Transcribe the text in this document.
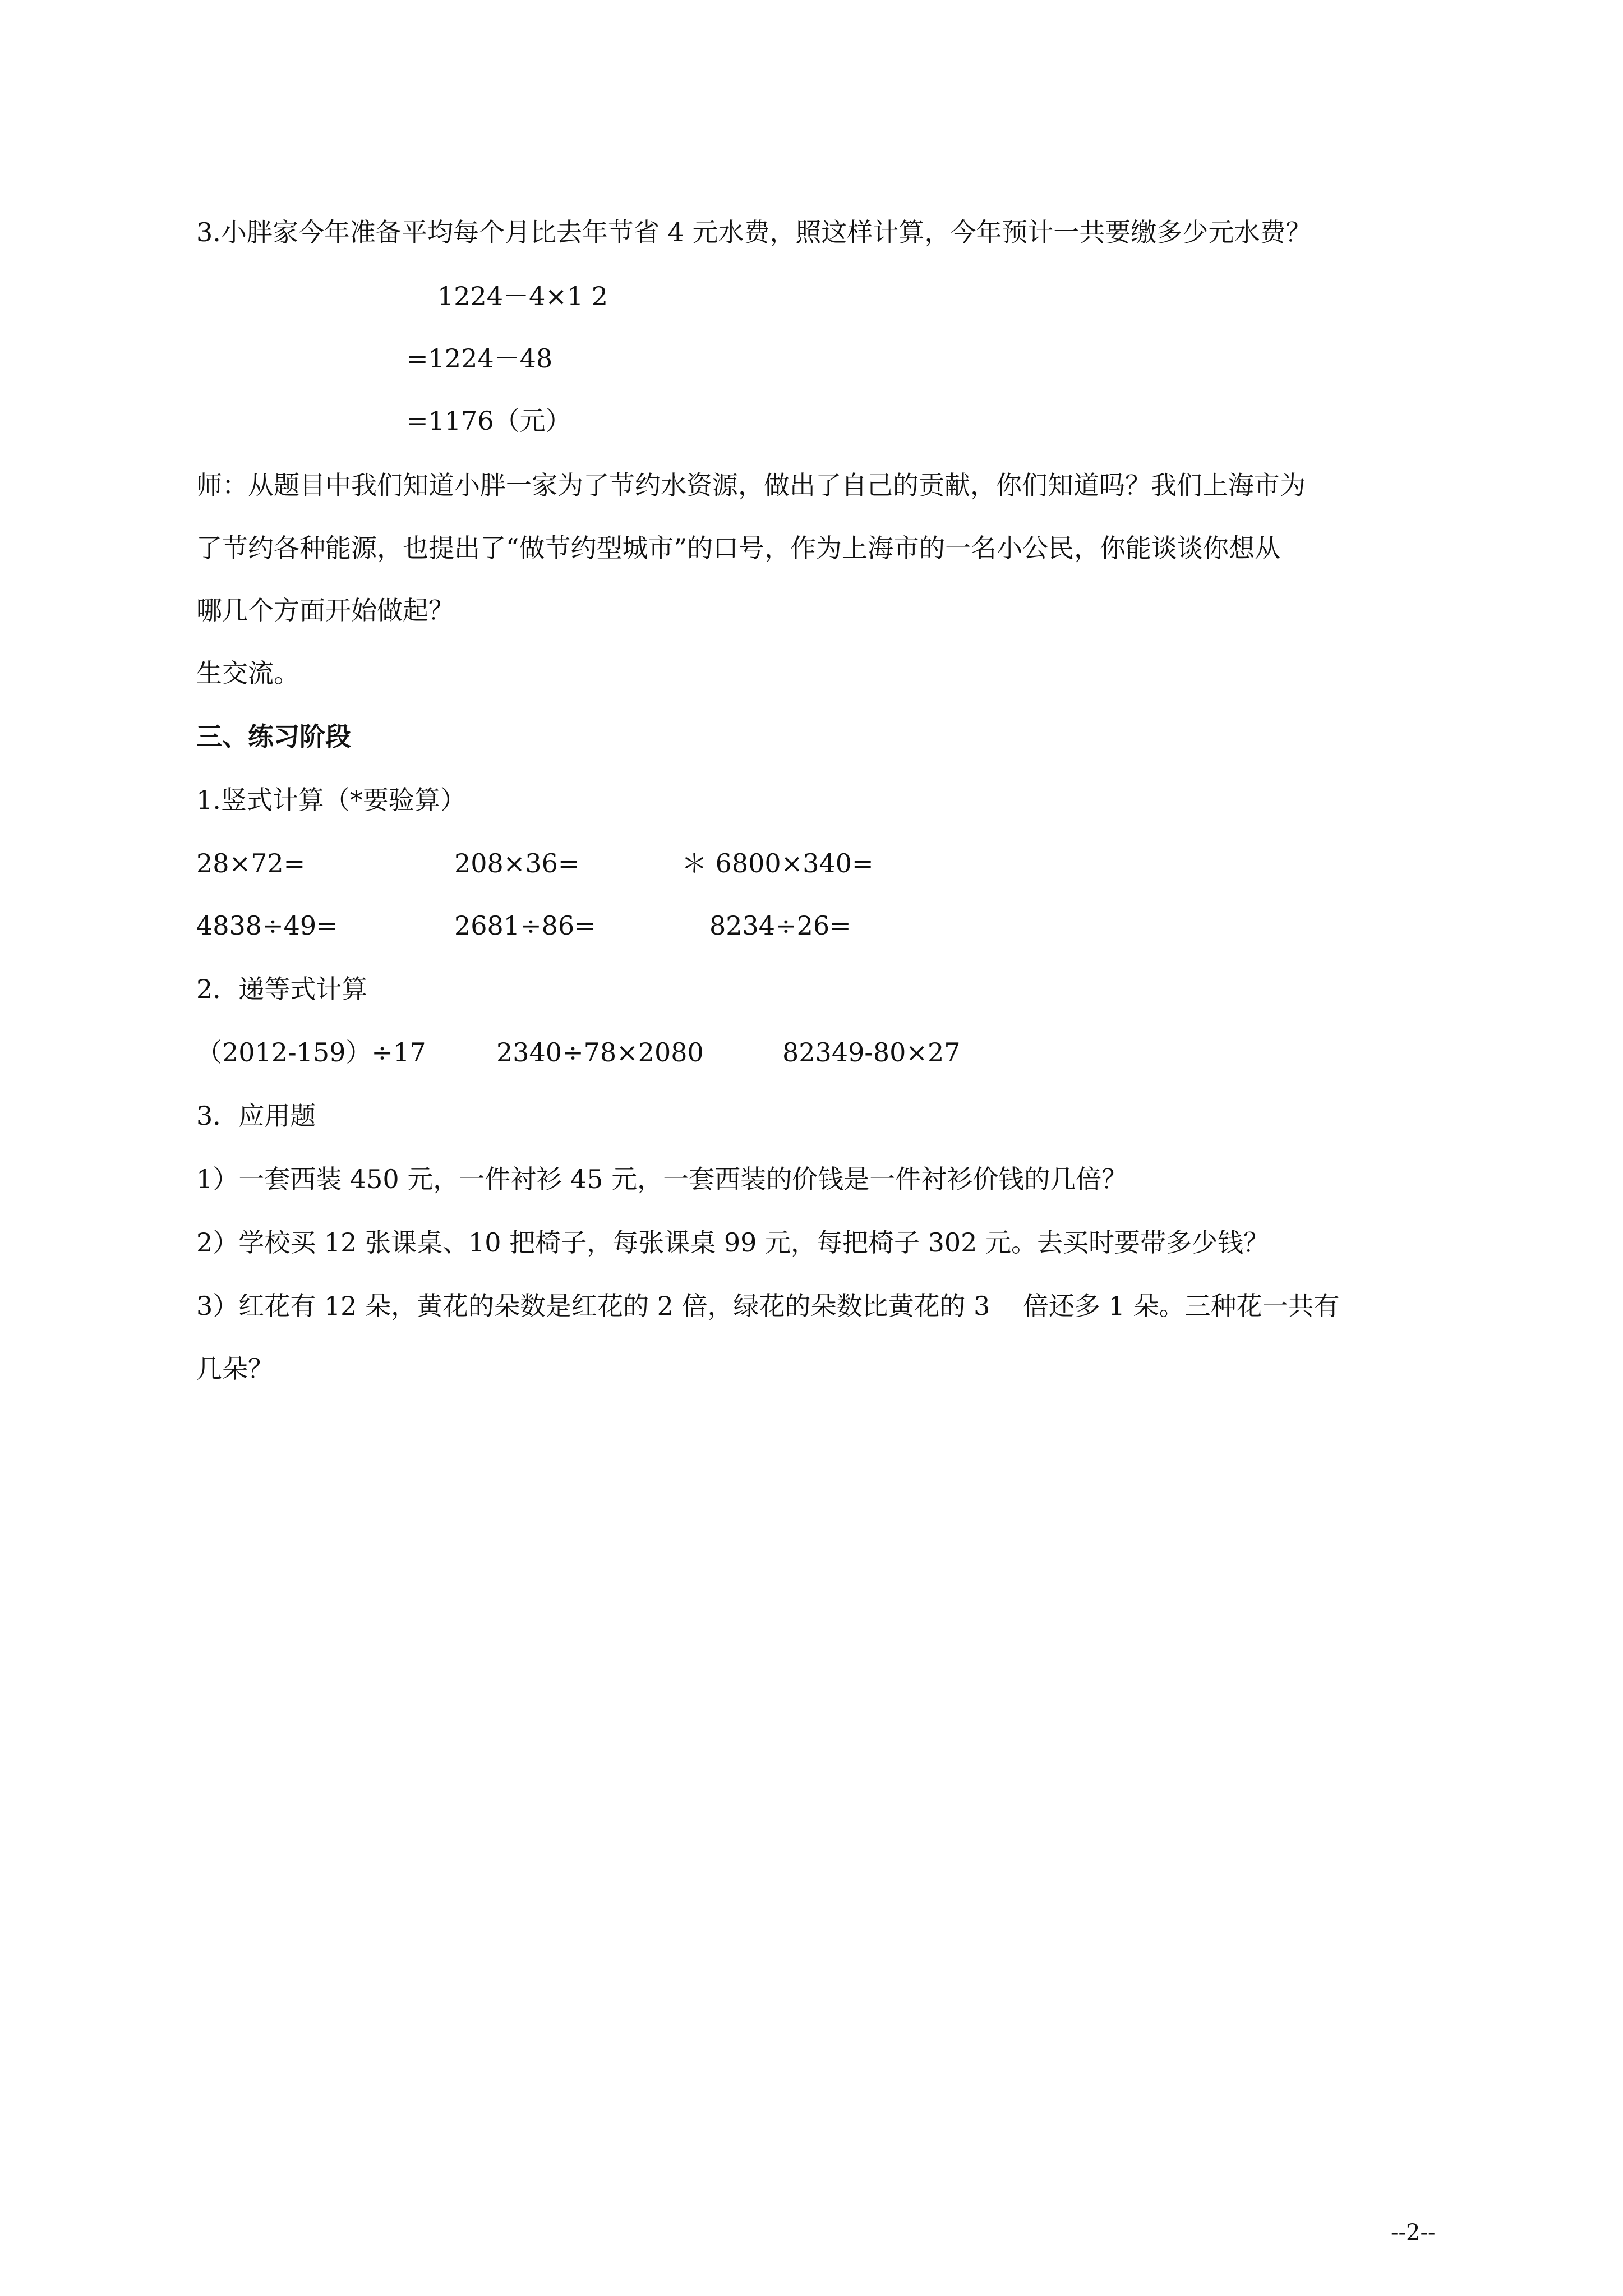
3.小胖家今年准备平均每个月比去年节省 4 元水费，照这样计算，今年预计一共要缴多少元水费？
1224－4×1 2
=1224－48
=1176（元）
师：从题目中我们知道小胖一家为了节约水资源，做出了自己的贡献，你们知道吗？我们上海市为
了节约各种能源，也提出了“做节约型城市”的口号，作为上海市的一名小公民，你能谈谈你想从
哪几个方面开始做起？
生交流。
三、练习阶段
1.竖式计算（*要验算）
28×72=	208×36=	＊ 6800×340=
4838÷49=	2681÷86=	8234÷26=
2．递等式计算
（2012-159）÷17	2340÷78×2080	82349-80×27
3．应用题
1）一套西装 450 元，一件衬衫 45 元，一套西装的价钱是一件衬衫价钱的几倍？
2）学校买 12 张课桌、10 把椅子，每张课桌 99 元，每把椅子 302 元。去买时要带多少钱？
3）红花有 12 朵，黄花的朵数是红花的 2 倍，绿花的朵数比黄花的 3    倍还多 1 朵。三种花一共有
几朵？
--2--
